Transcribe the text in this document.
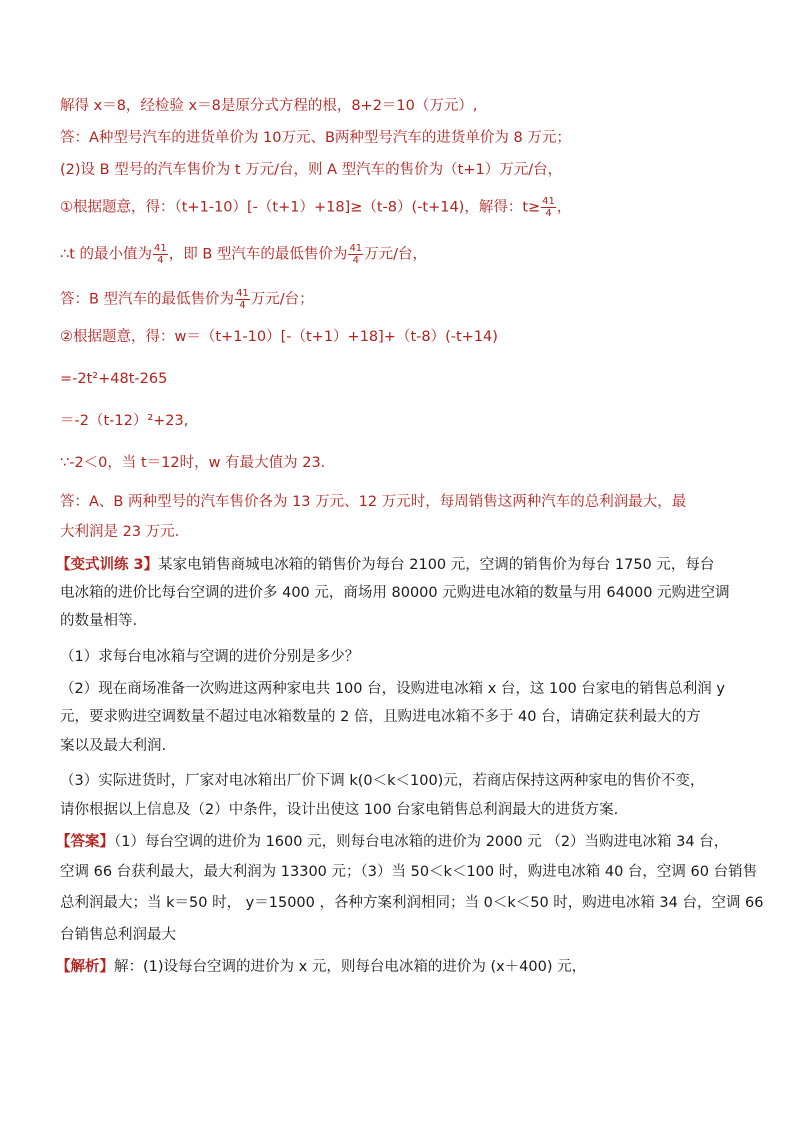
解得 x＝8，经检验 x＝8是原分式方程的根，8+2＝10（万元）,
答：A种型号汽车的进货单价为 10万元、B两种型号汽车的进货单价为 8 万元；
(2)设 B 型号的汽车售价为 t 万元/台，则 A 型汽车的售价为（t+1）万元/台，
①根据题意，得：（t+1-10）[-（t+1）+18]≥（t-8）(-t+14)，解得：$t\ge \frac{41}{4}$ ，
∴t 的最小值为 $\frac{41}{4}$ ，即 B 型汽车的最低售价为 $\frac{41}{4}$ 万元/台，
答：B 型汽车的最低售价为 $\frac{41}{4}$ 万元/台；
②根据题意，得：w＝（t+1-10）[-（t+1）+18]+（t-8）(-t+14)
=-2t²+48t-265
＝-2（t-12）²+23,
∵-2＜0，当 t＝12时，w 有最大值为 23.
答：A、B 两种型号的汽车售价各为 13 万元、12 万元时，每周销售这两种汽车的总利润最大，最
大利润是 23 万元.
【变式训练 3】某家电销售商城电冰箱的销售价为每台 2100 元，空调的销售价为每台 1750 元，每台
电冰箱的进价比每台空调的进价多 400 元，商场用 80000 元购进电冰箱的数量与用 64000 元购进空调
的数量相等.
（1）求每台电冰箱与空调的进价分别是多少？
（2）现在商场准备一次购进这两种家电共 100 台，设购进电冰箱 x 台，这 100 台家电的销售总利润 y
元，要求购进空调数量不超过电冰箱数量的 2 倍，且购进电冰箱不多于 40 台，请确定获利最大的方
案以及最大利润.
（3）实际进货时，厂家对电冰箱出厂价下调 k(0＜k＜100)元，若商店保持这两种家电的售价不变，
请你根据以上信息及（2）中条件，设计出使这 100 台家电销售总利润最大的进货方案.
【答案】（1）每台空调的进价为 1600 元，则每台电冰箱的进价为 2000 元 （2）当购进电冰箱 34 台，
空调 66 台获利最大，最大利润为 13300 元；（3）当 50＜k＜100 时，购进电冰箱 40 台，空调 60 台销售
总利润最大；当 k＝50 时， y＝15000 ，各种方案利润相同；当 0＜k＜50 时，购进电冰箱 34 台，空调 66
台销售总利润最大
【解析】解：(1)设每台空调的进价为 x 元，则每台电冰箱的进价为 (x＋400) 元，
